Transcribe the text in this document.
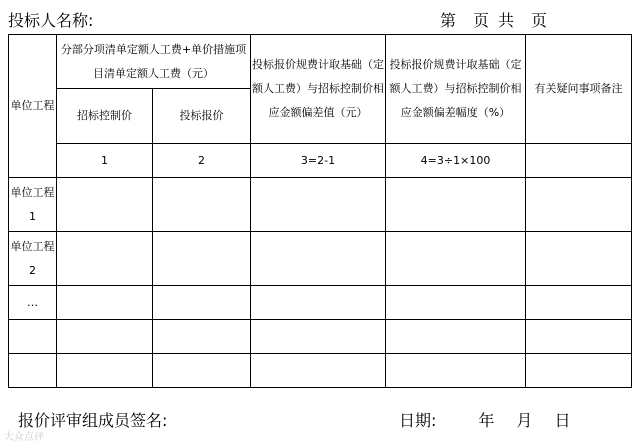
投标人名称:	第 页 共 页
单位工程	分部分项清单定额人工费+单价措施项目清单定额人工费（元）		投标报价规费计取基础（定额人工费）与招标控制价相应金额偏差值（元）	投标报价规费计取基础（定额人工费）与招标控制价相应金额偏差幅度（%）	有关疑问事项备注
	招标控制价	投标报价			
	1	2	3=2-1	4=3÷1×100	
单位工程 1					
单位工程 2					
…					

报价评审组成员签名:	日期:	年 月 日
大众点评
